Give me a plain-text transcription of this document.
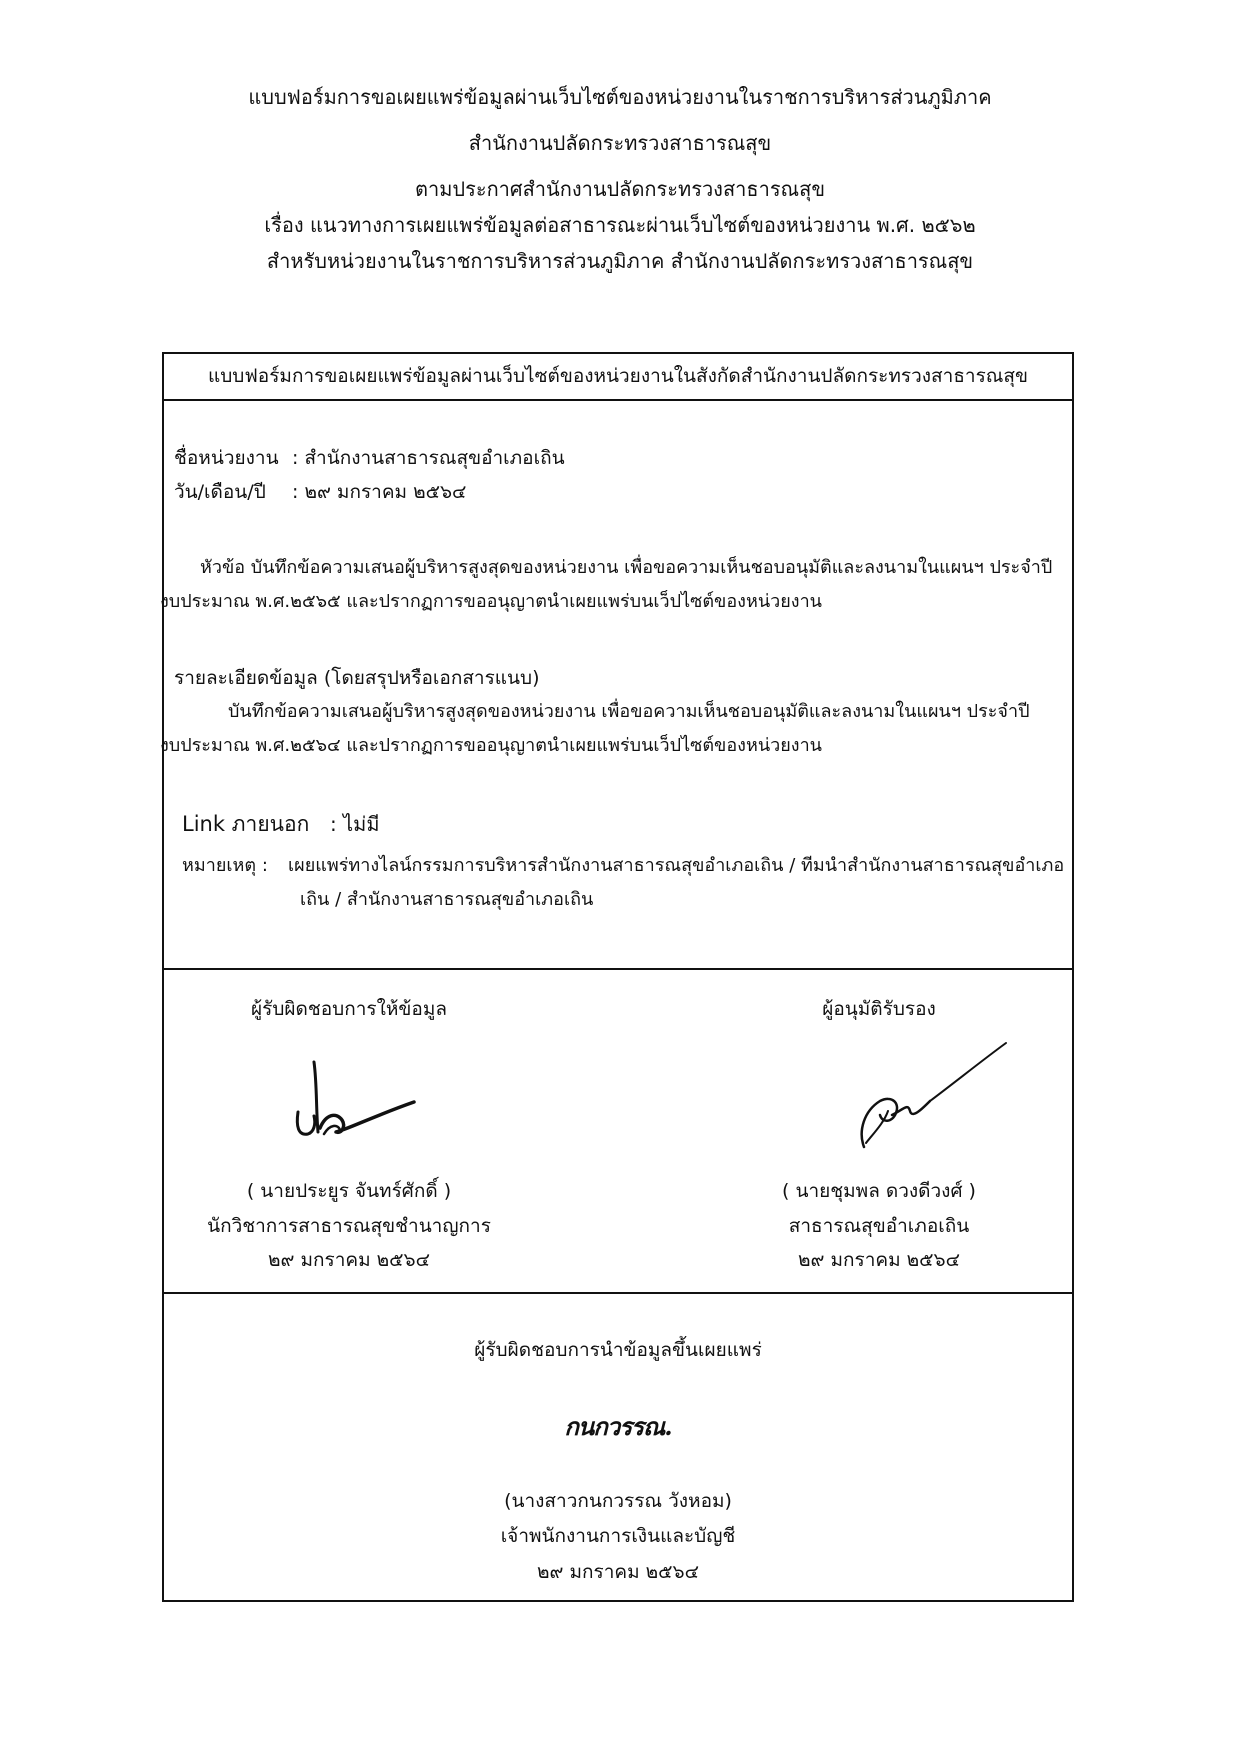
แบบฟอร์มการขอเผยแพร่ข้อมูลผ่านเว็บไซต์ของหน่วยงานในราชการบริหารส่วนภูมิภาค
สำนักงานปลัดกระทรวงสาธารณสุข
ตามประกาศสำนักงานปลัดกระทรวงสาธารณสุข
เรื่อง แนวทางการเผยแพร่ข้อมูลต่อสาธารณะผ่านเว็บไซต์ของหน่วยงาน พ.ศ. ๒๕๖๒
สำหรับหน่วยงานในราชการบริหารส่วนภูมิภาค สำนักงานปลัดกระทรวงสาธารณสุข
แบบฟอร์มการขอเผยแพร่ข้อมูลผ่านเว็บไซต์ของหน่วยงานในสังกัดสำนักงานปลัดกระทรวงสาธารณสุข
ชื่อหน่วยงาน : สำนักงานสาธารณสุขอำเภอเถิน
วัน/เดือน/ปี : ๒๙ มกราคม ๒๕๖๔
หัวข้อ บันทึกข้อความเสนอผู้บริหารสูงสุดของหน่วยงาน เพื่อขอความเห็นชอบอนุมัติและลงนามในแผนฯ ประจำปี
งบประมาณ พ.ศ.๒๕๖๕ และปรากฏการขออนุญาตนำเผยแพร่บนเว็ปไซต์ของหน่วยงาน
รายละเอียดข้อมูล (โดยสรุปหรือเอกสารแนบ)
บันทึกข้อความเสนอผู้บริหารสูงสุดของหน่วยงาน เพื่อขอความเห็นชอบอนุมัติและลงนามในแผนฯ ประจำปี
งบประมาณ พ.ศ.๒๕๖๔ และปรากฏการขออนุญาตนำเผยแพร่บนเว็ปไซต์ของหน่วยงาน
Link ภายนอก : ไม่มี
หมายเหตุ : เผยแพร่ทางไลน์กรรมการบริหารสำนักงานสาธารณสุขอำเภอเถิน / ทีมนำสำนักงานสาธารณสุขอำเภอ
เถิน / สำนักงานสาธารณสุขอำเภอเถิน
ผู้รับผิดชอบการให้ข้อมูล
( นายประยูร จันทร์ศักดิ์ )
นักวิชาการสาธารณสุขชำนาญการ
๒๙ มกราคม ๒๕๖๔
ผู้อนุมัติรับรอง
( นายชุมพล ดวงดีวงศ์ )
สาธารณสุขอำเภอเถิน
๒๙ มกราคม ๒๕๖๔
ผู้รับผิดชอบการนำข้อมูลขึ้นเผยแพร่
กนกวรรณ.
(นางสาวกนกวรรณ วังหอม)
เจ้าพนักงานการเงินและบัญชี
๒๙ มกราคม ๒๕๖๔
